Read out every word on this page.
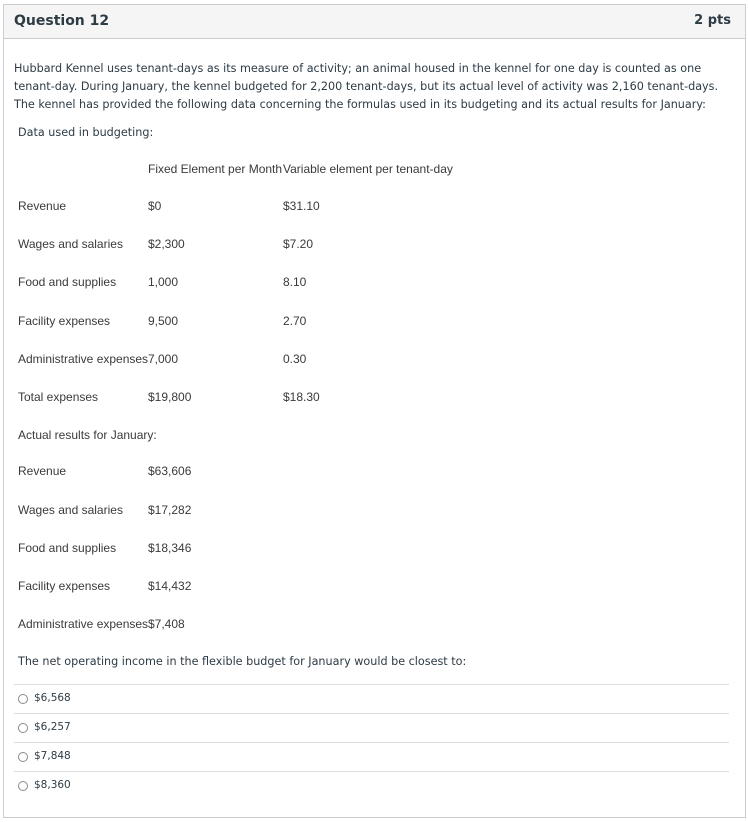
Question 12	2 pts
Hubbard Kennel uses tenant-days as its measure of activity; an animal housed in the kennel for one day is counted as one tenant-day. During January, the kennel budgeted for 2,200 tenant-days, but its actual level of activity was 2,160 tenant-days. The kennel has provided the following data concerning the formulas used in its budgeting and its actual results for January:
Data used in budgeting:
Fixed Element per Month Variable element per tenant-day
Revenue	$0	$31.10
Wages and salaries $2,300	$7.20
Food and supplies	1,000	8.10
Facility expenses	9,500	2.70
Administrative expenses 7,000	0.30
Total expenses	$19,800	$18.30
Actual results for January:
Revenue	$63,606
Wages and salaries $17,282
Food and supplies	$18,346
Facility expenses	$14,432
Administrative expenses $7,408
The net operating income in the flexible budget for January would be closest to:
$6,568
$6,257
$7,848
$8,360
